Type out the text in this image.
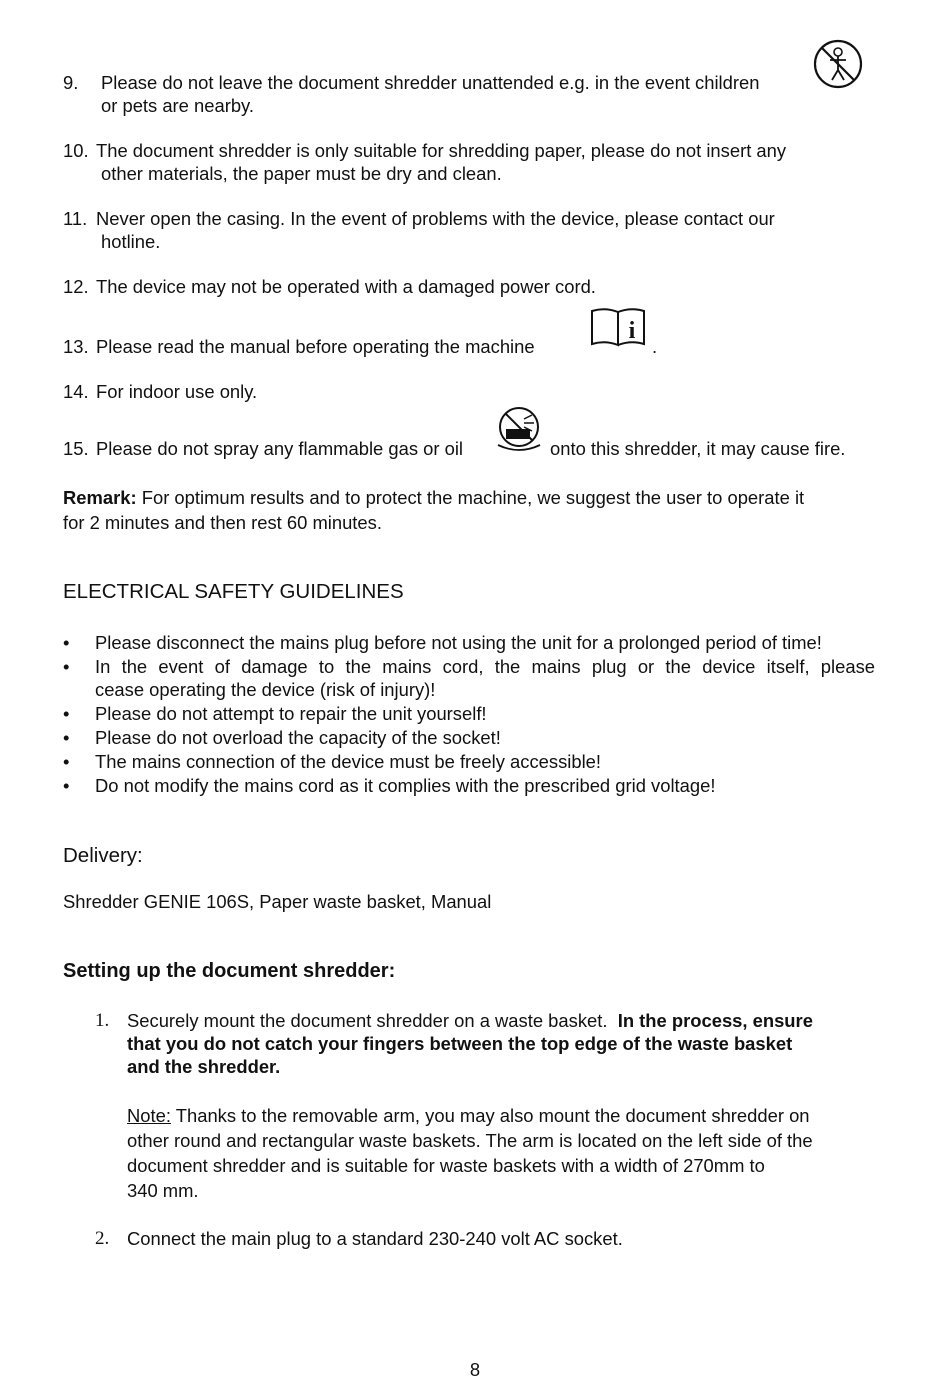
9. Please do not leave the document shredder unattended e.g. in the event children
or pets are nearby.
10. The document shredder is only suitable for shredding paper, please do not insert any
other materials, the paper must be dry and clean.
11. Never open the casing. In the event of problems with the device, please contact our
hotline.
12. The device may not be operated with a damaged power cord.
13. Please read the manual before operating the machine
i
.
14. For indoor use only.
15. Please do not spray any flammable gas or oil	onto this shredder, it may cause fire.
Remark: For optimum results and to protect the machine, we suggest the user to operate it
for 2 minutes and then rest 60 minutes.
ELECTRICAL SAFETY GUIDELINES
• Please disconnect the mains plug before not using the unit for a prolonged period of time!
• In the event of damage to the mains cord, the mains plug or the device itself, please
cease operating the device (risk of injury)!
• Please do not attempt to repair the unit yourself!
• Please do not overload the capacity of the socket!
• The mains connection of the device must be freely accessible!
• Do not modify the mains cord as it complies with the prescribed grid voltage!
Delivery:
Shredder GENIE 106S, Paper waste basket, Manual
Setting up the document shredder:
1. Securely mount the document shredder on a waste basket. In the process, ensure
that you do not catch your fingers between the top edge of the waste basket
and the shredder.
Note: Thanks to the removable arm, you may also mount the document shredder on
other round and rectangular waste baskets. The arm is located on the left side of the
document shredder and is suitable for waste baskets with a width of 270mm to
340 mm.
2. Connect the main plug to a standard 230-240 volt AC socket.
8
